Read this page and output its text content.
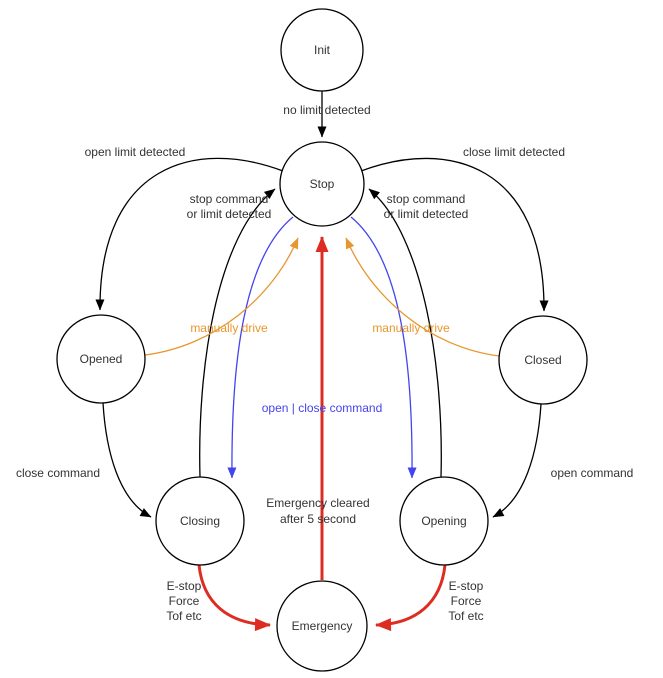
Init
Stop
Opened	Closed
Closing	Opening
Emergency
no limit detected
open limit detected	close limit detected
stop command
or limit detected
stop command
or limit detected
manually drive	manually drive
open | close command
close command	open command
Emergency cleared
after 5 second
E-stop
Force
Tof etc
E-stop
Force
Tof etc
